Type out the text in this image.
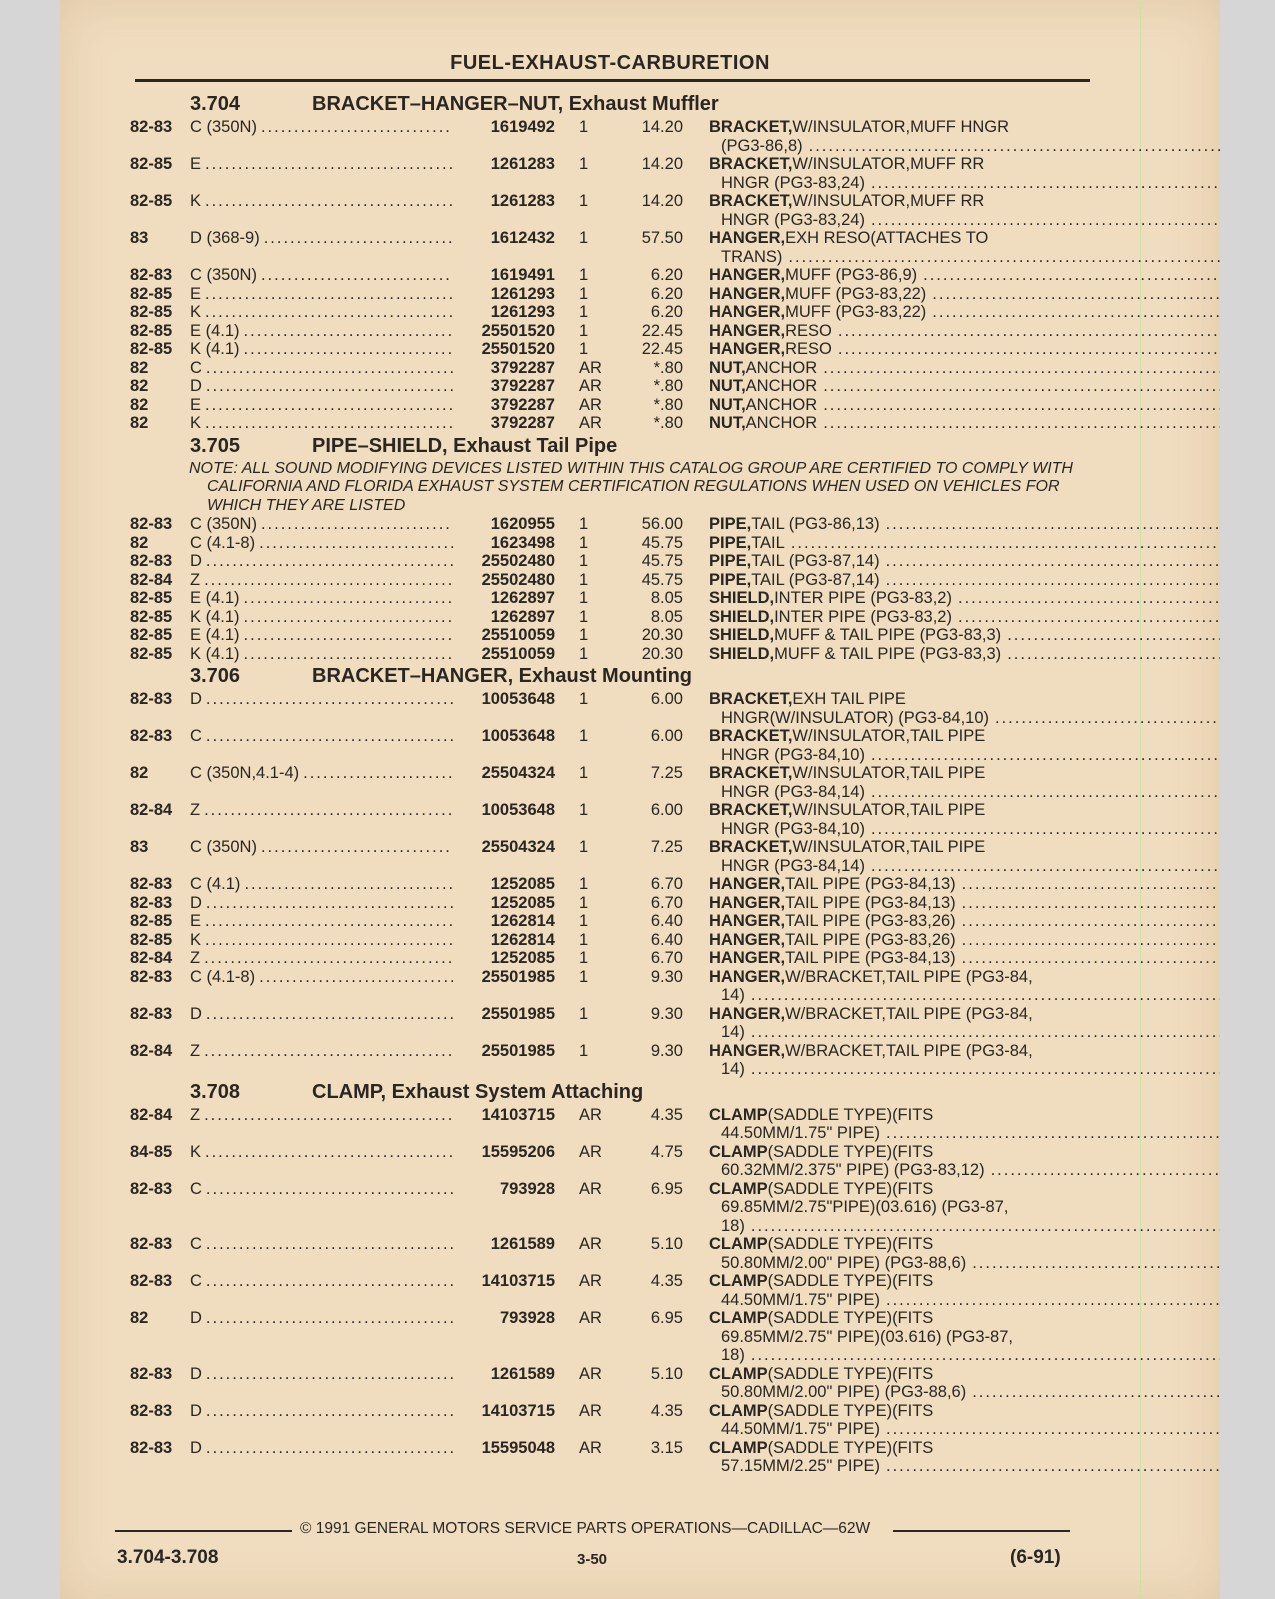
FUEL-EXHAUST-CARBURETION
3.704	BRACKET–HANGER–NUT, Exhaust Muffler
82-83	C (350N) .....	1619492	1	14.20 BRACKET, W/INSULATOR,MUFF HNGR
(PG3-86,8)
.....
82-85	E .....	1261283	1	14.20 BRACKET, W/INSULATOR,MUFF RR
HNGR (PG3-83,24)
.....
82-85	K .....	1261283	1	14.20 BRACKET, W/INSULATOR,MUFF RR
HNGR (PG3-83,24)
.....
83	D (368-9) .....	1612432	1	57.50 HANGER, EXH RESO(ATTACHES TO
TRANS)
.....
82-83	C (350N) .....	1619491	1	6.20 HANGER, MUFF (PG3-86,9)
.....
82-85	E .....	1261293	1	6.20 HANGER, MUFF (PG3-83,22)
.....
82-85	K .....	1261293	1	6.20 HANGER, MUFF (PG3-83,22)
.....
82-85	E (4.1) .....	25501520	1	22.45 HANGER, RESO
.....
82-85	K (4.1) .....	25501520	1	22.45 HANGER, RESO
.....
82	C .....	3792287	AR	*.80 NUT, ANCHOR
.....
82	D .....	3792287	AR	*.80 NUT, ANCHOR
.....
82	E .....	3792287	AR	*.80 NUT, ANCHOR
.....
82	K .....	3792287	AR	*.80 NUT, ANCHOR
.....
3.705	PIPE–SHIELD, Exhaust Tail Pipe
NOTE: ALL SOUND MODIFYING DEVICES LISTED WITHIN THIS CATALOG GROUP ARE CERTIFIED TO COMPLY WITH CALIFORNIA AND FLORIDA EXHAUST SYSTEM CERTIFICATION REGULATIONS WHEN USED ON VEHICLES FOR WHICH THEY ARE LISTED
82-83	C (350N) .....	1620955	1	56.00 PIPE, TAIL (PG3-86,13)
.....
82	C (4.1-8) .....	1623498	1	45.75 PIPE, TAIL
.....
82-83	D .....	25502480	1	45.75 PIPE, TAIL (PG3-87,14)
.....
82-84	Z .....	25502480	1	45.75 PIPE, TAIL (PG3-87,14)
.....
82-85	E (4.1) .....	1262897	1	8.05 SHIELD, INTER PIPE (PG3-83,2)
.....
82-85	K (4.1) .....	1262897	1	8.05 SHIELD, INTER PIPE (PG3-83,2)
.....
82-85	E (4.1) .....	25510059	1	20.30 SHIELD, MUFF & TAIL PIPE (PG3-83,3)
.....
82-85	K (4.1) .....	25510059	1	20.30 SHIELD, MUFF & TAIL PIPE (PG3-83,3)
.....
3.706	BRACKET–HANGER, Exhaust Mounting
82-83	D .....	10053648	1	6.00 BRACKET, EXH TAIL PIPE
HNGR(W/INSULATOR) (PG3-84,10)
.....
82-83	C .....	10053648	1	6.00 BRACKET, W/INSULATOR,TAIL PIPE
HNGR (PG3-84,10)
.....
82	C (350N,4.1-4) .....	25504324	1	7.25 BRACKET, W/INSULATOR,TAIL PIPE
HNGR (PG3-84,14)
.....
82-84	Z .....	10053648	1	6.00 BRACKET, W/INSULATOR,TAIL PIPE
HNGR (PG3-84,10)
.....
83	C (350N) .....	25504324	1	7.25 BRACKET, W/INSULATOR,TAIL PIPE
HNGR (PG3-84,14)
.....
82-83	C (4.1) .....	1252085	1	6.70 HANGER, TAIL PIPE (PG3-84,13)
.....
82-83	D .....	1252085	1	6.70 HANGER, TAIL PIPE (PG3-84,13)
.....
82-85	E .....	1262814	1	6.40 HANGER, TAIL PIPE (PG3-83,26)
.....
82-85	K .....	1262814	1	6.40 HANGER, TAIL PIPE (PG3-83,26)
.....
82-84	Z .....	1252085	1	6.70 HANGER, TAIL PIPE (PG3-84,13)
.....
82-83	C (4.1-8) .....	25501985	1	9.30 HANGER, W/BRACKET,TAIL PIPE (PG3-84,
14)
.....
82-83	D .....	25501985	1	9.30 HANGER, W/BRACKET,TAIL PIPE (PG3-84,
14)
.....
82-84	Z .....	25501985	1	9.30 HANGER, W/BRACKET,TAIL PIPE (PG3-84,
14)
.....
3.708	CLAMP, Exhaust System Attaching
82-84	Z .....	14103715	AR	4.35 CLAMP (SADDLE TYPE)(FITS
44.50MM/1.75" PIPE)
.....
84-85	K .....	15595206	AR	4.75 CLAMP (SADDLE TYPE)(FITS
60.32MM/2.375" PIPE) (PG3-83,12)
.....
82-83	C .....	793928	AR	6.95 CLAMP (SADDLE TYPE)(FITS
69.85MM/2.75"PIPE)(03.616) (PG3-87,
18)
.....
82-83	C .....	1261589	AR	5.10 CLAMP (SADDLE TYPE)(FITS
50.80MM/2.00" PIPE) (PG3-88,6)
.....
82-83	C .....	14103715	AR	4.35 CLAMP (SADDLE TYPE)(FITS
44.50MM/1.75" PIPE)
.....
82	D .....	793928	AR	6.95 CLAMP (SADDLE TYPE)(FITS
69.85MM/2.75" PIPE)(03.616) (PG3-87,
18)
.....
82-83	D .....	1261589	AR	5.10 CLAMP (SADDLE TYPE)(FITS
50.80MM/2.00" PIPE) (PG3-88,6)
.....
82-83	D .....	14103715	AR	4.35 CLAMP (SADDLE TYPE)(FITS
44.50MM/1.75" PIPE)
.....
82-83	D .....	15595048	AR	3.15 CLAMP (SADDLE TYPE)(FITS
57.15MM/2.25" PIPE)
.....
© 1991 GENERAL MOTORS SERVICE PARTS OPERATIONS—CADILLAC—62W
3.704-3.708	3-50	(6-91)
